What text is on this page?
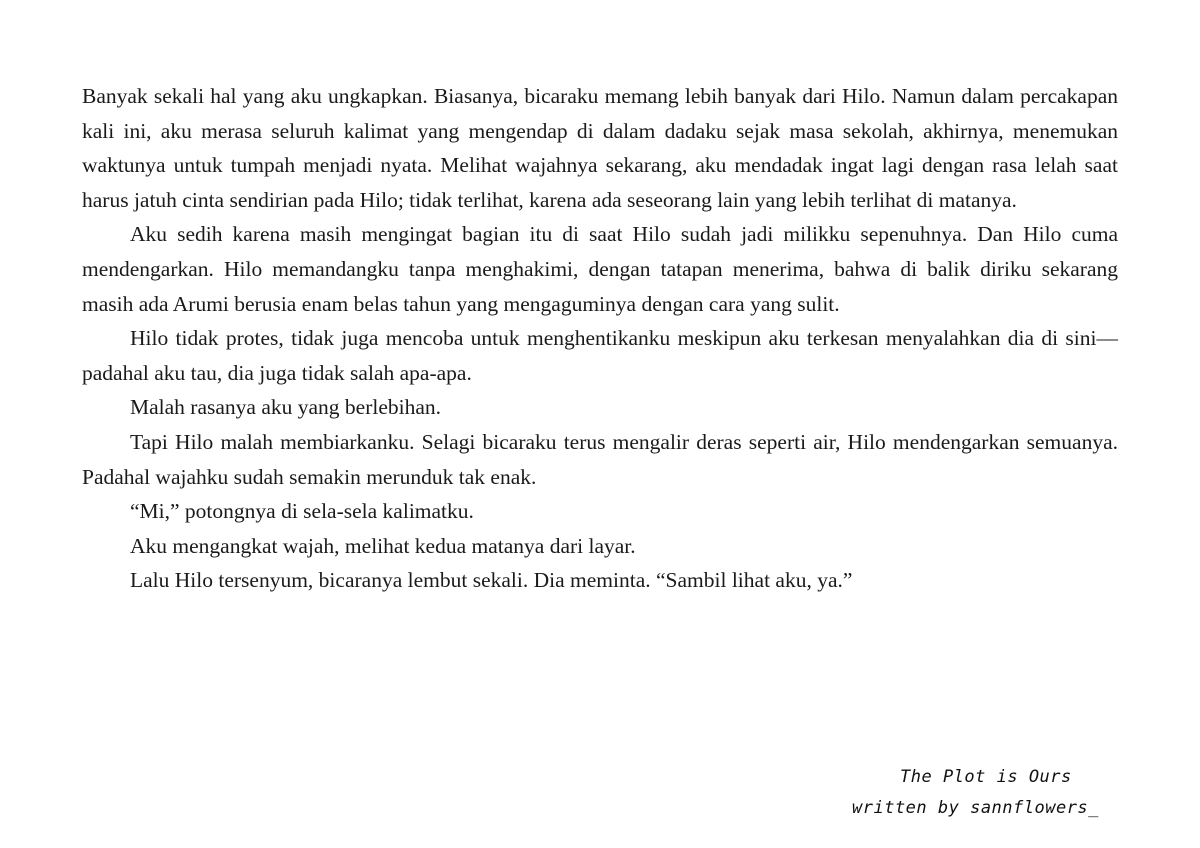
Banyak sekali hal yang aku ungkapkan. Biasanya, bicaraku memang lebih banyak dari Hilo. Namun dalam percakapan kali ini, aku merasa seluruh kalimat yang mengendap di dalam dadaku sejak masa sekolah, akhirnya, menemukan waktunya untuk tumpah menjadi nyata. Melihat wajahnya sekarang, aku mendadak ingat lagi dengan rasa lelah saat harus jatuh cinta sendirian pada Hilo; tidak terlihat, karena ada seseorang lain yang lebih terlihat di matanya.

Aku sedih karena masih mengingat bagian itu di saat Hilo sudah jadi milikku sepenuhnya. Dan Hilo cuma mendengarkan. Hilo memandangku tanpa menghakimi, dengan tatapan menerima, bahwa di balik diriku sekarang masih ada Arumi berusia enam belas tahun yang mengaguminya dengan cara yang sulit.

Hilo tidak protes, tidak juga mencoba untuk menghentikanku meskipun aku terkesan menyalahkan dia di sini—padahal aku tau, dia juga tidak salah apa-apa.

Malah rasanya aku yang berlebihan.

Tapi Hilo malah membiarkanku. Selagi bicaraku terus mengalir deras seperti air, Hilo mendengarkan semuanya. Padahal wajahku sudah semakin merunduk tak enak.

“Mi,” potongnya di sela-sela kalimatku.

Aku mengangkat wajah, melihat kedua matanya dari layar.

Lalu Hilo tersenyum, bicaranya lembut sekali. Dia meminta. “Sambil lihat aku, ya.”

The Plot is Ours
written by sannflowers_
